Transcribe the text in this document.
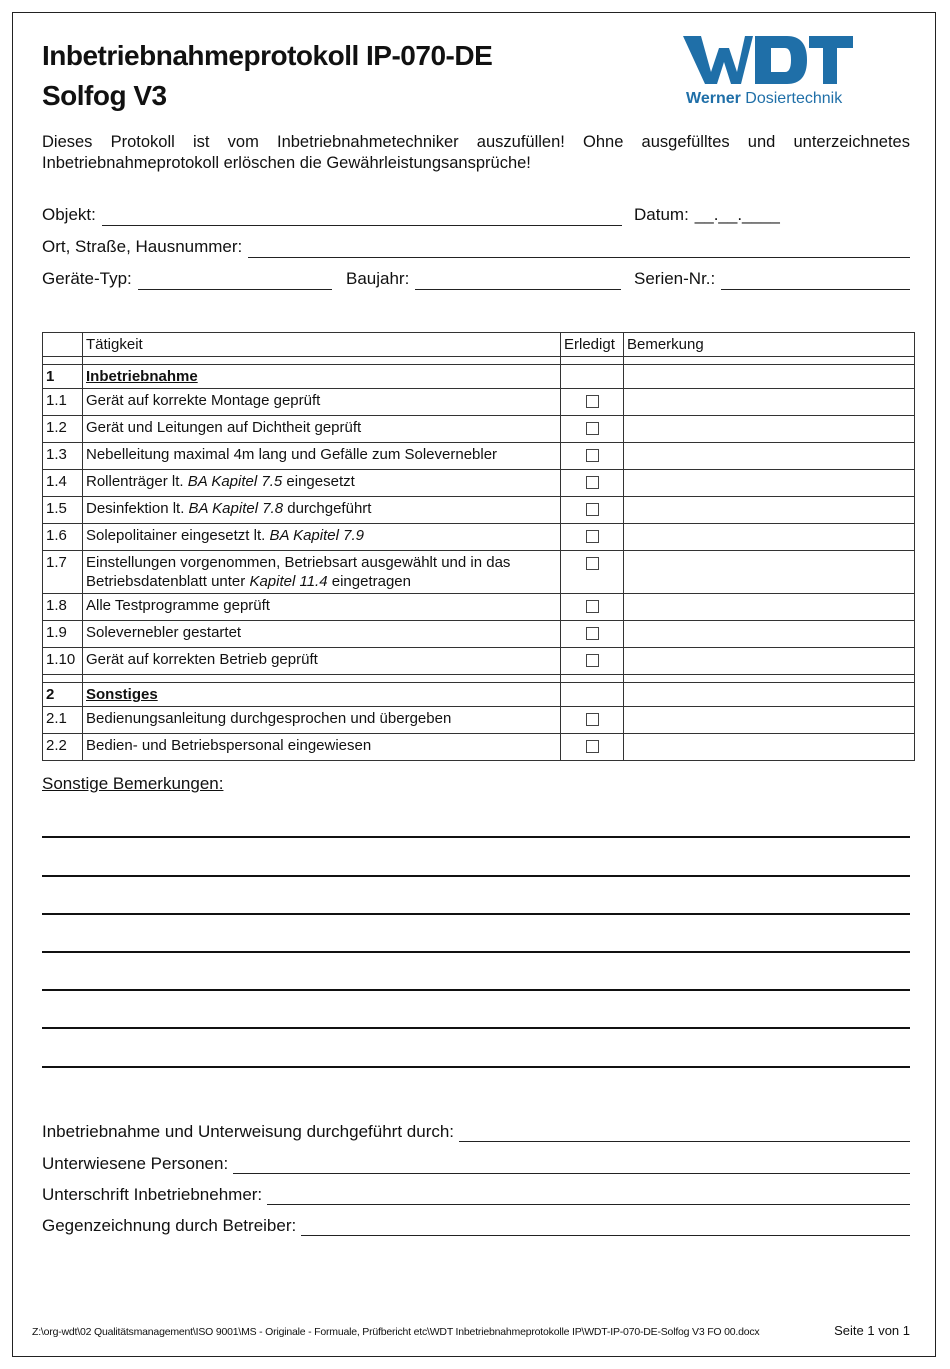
Inbetriebnahmeprotokoll IP-070-DE
Solfog V3	Werner Dosiertechnik
Dieses Protokoll ist vom Inbetriebnahmetechniker auszufüllen! Ohne ausgefülltes und unterzeichnetes Inbetriebnahmeprotokoll erlöschen die Gewährleistungsansprüche!
Objekt:	Datum: __.__.____
Ort, Straße, Hausnummer:
Geräte-Typ:	Baujahr:	Serien-Nr.:
	Tätigkeit	Erledigt	Bemerkung

1	Inbetriebnahme		
1.1	Gerät auf korrekte Montage geprüft		
1.2	Gerät und Leitungen auf Dichtheit geprüft		
1.3	Nebelleitung maximal 4m lang und Gefälle zum Solevernebler		
1.4	Rollenträger lt. BA Kapitel 7.5 eingesetzt		
1.5	Desinfektion lt. BA Kapitel 7.8 durchgeführt		
1.6	Solepolitainer eingesetzt lt. BA Kapitel 7.9		
1.7	Einstellungen vorgenommen, Betriebsart ausgewählt und in das Betriebsdatenblatt unter Kapitel 11.4 eingetragen		
1.8	Alle Testprogramme geprüft		
1.9	Solevernebler gestartet		
1.10	Gerät auf korrekten Betrieb geprüft		

2	Sonstiges		
2.1	Bedienungsanleitung durchgesprochen und übergeben		
2.2	Bedien- und Betriebspersonal eingewiesen		
Sonstige Bemerkungen:
Inbetriebnahme und Unterweisung durchgeführt durch:
Unterwiesene Personen:
Unterschrift Inbetriebnehmer:
Gegenzeichnung durch Betreiber:
Z:\org-wdt\02 Qualitätsmanagement\ISO 9001\MS - Originale - Formuale, Prüfbericht etc\WDT Inbetriebnahmeprotokolle IP\WDT-IP-070-DE-Solfog V3 FO 00.docx	Seite 1 von 1
